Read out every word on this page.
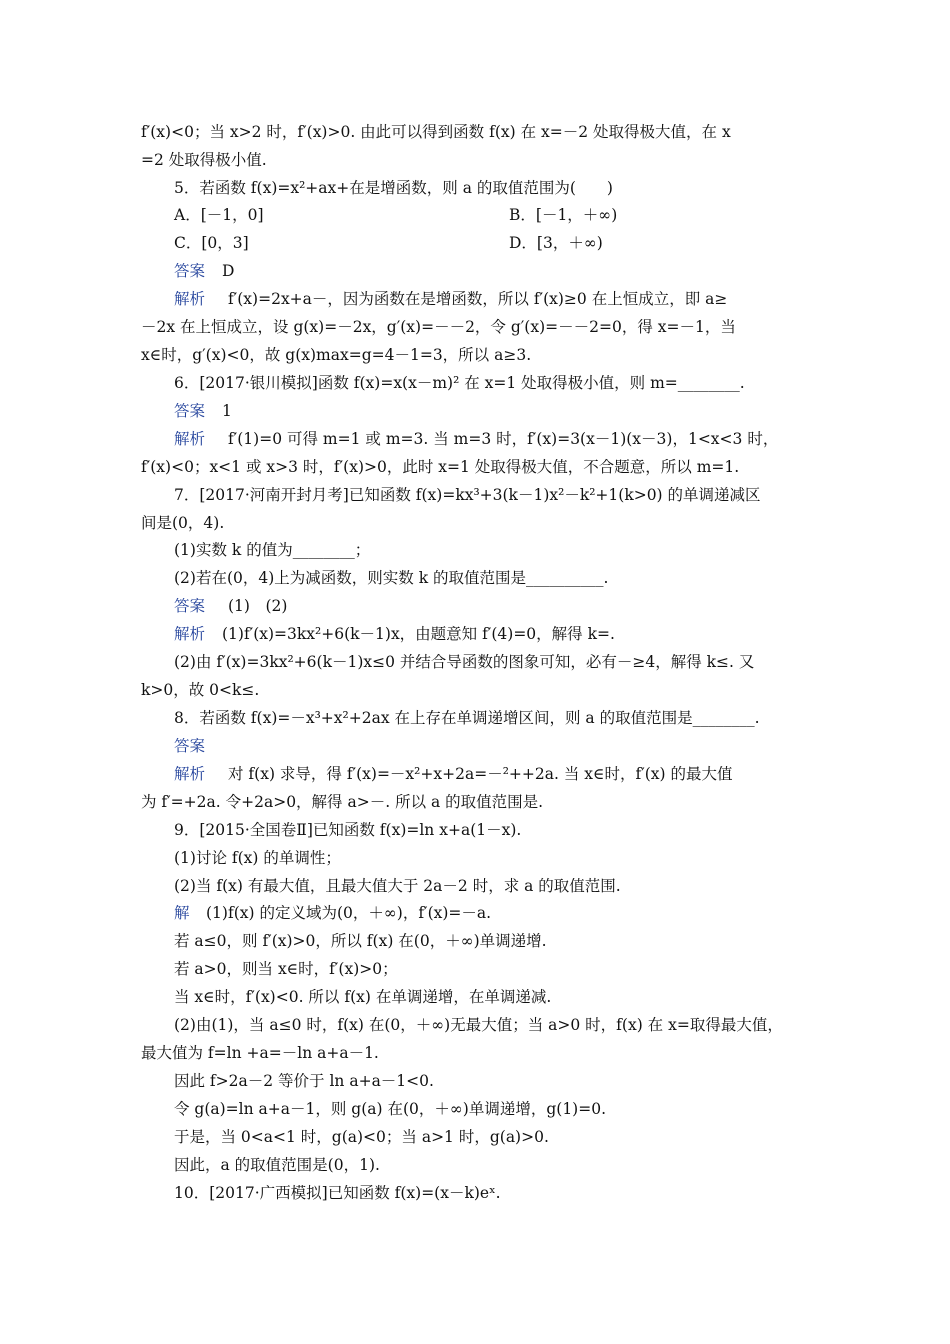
f′(x)<0；当 x>2 时，f′(x)>0. 由此可以得到函数 f(x) 在 x=－2 处取得极大值，在 x
=2 处取得极小值.
5．若函数 f(x)=x²+ax+在是增函数，则 a 的取值范围为(　　)
A．[－1，0]	B．[－1，＋∞)
C．[0，3]	D．[3，＋∞)
答案 D
解析 f′(x)=2x+a－，因为函数在是增函数，所以 f′(x)≥0 在上恒成立，即 a≥
－2x 在上恒成立，设 g(x)=－2x，g′(x)=－－2，令 g′(x)=－－2=0，得 x=－1，当
x∈时，g′(x)<0，故 g(x)max=g=4－1=3，所以 a≥3.
6．[2017·银川模拟]函数 f(x)=x(x－m)² 在 x=1 处取得极小值，则 m=________.
答案 1
解析 f′(1)=0 可得 m=1 或 m=3. 当 m=3 时，f′(x)=3(x－1)(x－3)，1<x<3 时，
f′(x)<0；x<1 或 x>3 时，f′(x)>0，此时 x=1 处取得极大值，不合题意，所以 m=1.
7．[2017·河南开封月考]已知函数 f(x)=kx³+3(k－1)x²－k²+1(k>0) 的单调递减区
间是(0，4).
(1)实数 k 的值为________；
(2)若在(0，4)上为减函数，则实数 k 的取值范围是__________.
答案 (1)　(2)
解析 (1)f′(x)=3kx²+6(k－1)x，由题意知 f′(4)=0，解得 k=.
(2)由 f′(x)=3kx²+6(k－1)x≤0 并结合导函数的图象可知，必有－≥4，解得 k≤. 又
k>0，故 0<k≤.
8．若函数 f(x)=－x³+x²+2ax 在上存在单调递增区间，则 a 的取值范围是________.
答案
解析 对 f(x) 求导，得 f′(x)=－x²+x+2a=－²++2a. 当 x∈时，f′(x) 的最大值
为 f′=+2a. 令+2a>0，解得 a>－. 所以 a 的取值范围是.
9．[2015·全国卷Ⅱ]已知函数 f(x)=ln x+a(1－x).
(1)讨论 f(x) 的单调性；
(2)当 f(x) 有最大值，且最大值大于 2a－2 时，求 a 的取值范围.
解 (1)f(x) 的定义域为(0，＋∞)，f′(x)=－a.
若 a≤0，则 f′(x)>0，所以 f(x) 在(0，＋∞)单调递增.
若 a>0，则当 x∈时，f′(x)>0；
当 x∈时，f′(x)<0. 所以 f(x) 在单调递增，在单调递减.
(2)由(1)，当 a≤0 时，f(x) 在(0，＋∞)无最大值；当 a>0 时，f(x) 在 x=取得最大值，
最大值为 f=ln +a=－ln a+a－1.
因此 f>2a－2 等价于 ln a+a－1<0.
令 g(a)=ln a+a－1，则 g(a) 在(0，＋∞)单调递增，g(1)=0.
于是，当 0<a<1 时，g(a)<0；当 a>1 时，g(a)>0.
因此，a 的取值范围是(0，1).
10．[2017·广西模拟]已知函数 f(x)=(x－k)eˣ.
